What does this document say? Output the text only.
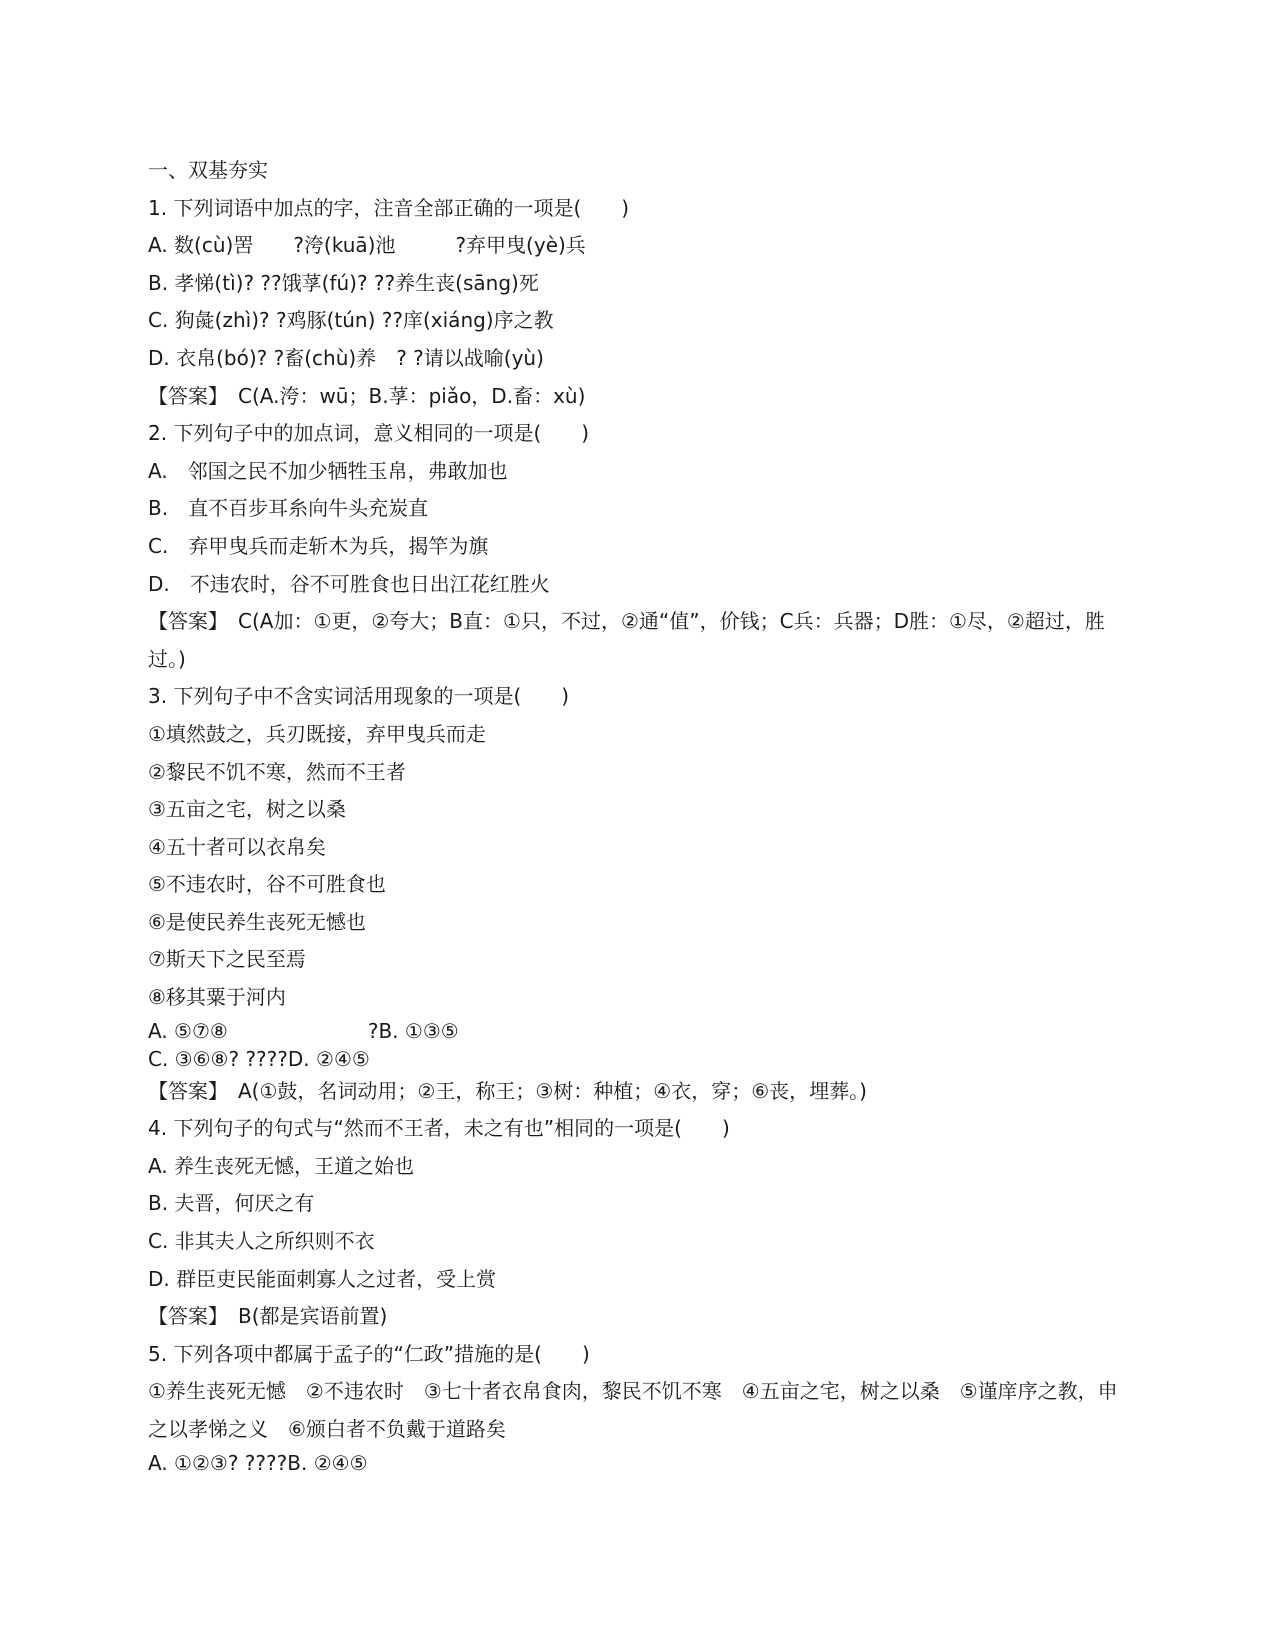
一、双基夯实
1. 下列词语中加点的字，注音全部正确的一项是(　　)
A. 数(cù)罟　　?洿(kuā)池　　　?弃甲曳(yè)兵
B. 孝悌(tì)? ??饿莩(fú)? ??养生丧(sāng)死
C. 狗彘(zhì)? ?鸡豚(tún) ??庠(xiáng)序之教
D. 衣帛(bó)? ?畜(chù)养　? ?请以战喻(yù)
【答案】　C(A.洿：wū；B.莩：piǎo，D.畜：xù)
2. 下列句子中的加点词，意义相同的一项是(　　)
A.　邻国之民不加少牺牲玉帛，弗敢加也
B.　直不百步耳糸向牛头充炭直
C.　弃甲曳兵而走斩木为兵，揭竿为旗
D.　不违农时，谷不可胜食也日出江花红胜火
【答案】　C(A加：①更，②夸大；B直：①只，不过，②通“值”，价钱；C兵：兵器；D胜：①尽，②超过，胜过。)
3. 下列句子中不含实词活用现象的一项是(　　)
①填然鼓之，兵刃既接，弃甲曳兵而走
②黎民不饥不寒，然而不王者
③五亩之宅，树之以桑
④五十者可以衣帛矣
⑤不违农时，谷不可胜食也
⑥是使民养生丧死无憾也
⑦斯天下之民至焉
⑧移其粟于河内
A. ⑤⑦⑧　　　　　　　?B. ①③⑤
C. ③⑥⑧? ????D. ②④⑤
【答案】　A(①鼓，名词动用；②王，称王；③树：种植；④衣，穿；⑥丧，埋葬。)
4. 下列句子的句式与“然而不王者，未之有也”相同的一项是(　　)
A. 养生丧死无憾，王道之始也
B. 夫晋，何厌之有
C. 非其夫人之所织则不衣
D. 群臣吏民能面刺寡人之过者，受上赏
【答案】　B(都是宾语前置)
5. 下列各项中都属于孟子的“仁政”措施的是(　　)
①养生丧死无憾　②不违农时　③七十者衣帛食肉，黎民不饥不寒　④五亩之宅，树之以桑　⑤谨庠序之教，申之以孝悌之义　⑥颁白者不负戴于道路矣
A. ①②③? ????B. ②④⑤
